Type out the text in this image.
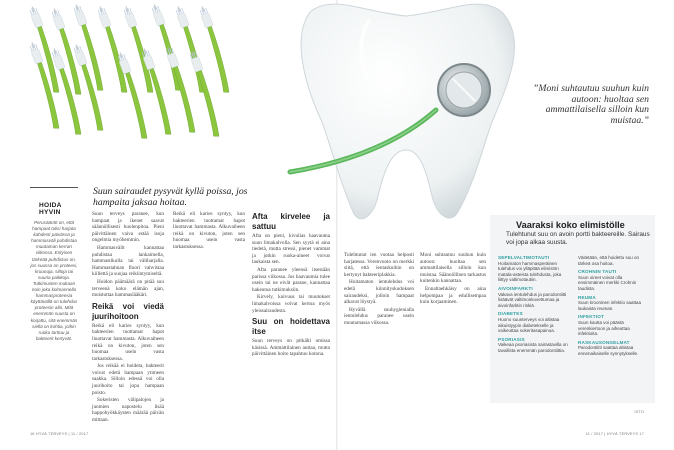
HOIDA HYVIN
Perusääntö on, että hampaat tulisi harjata kahdesti päivässä ja hammasväli puhdistaa muutaman kerran viikossa. Erityisen tärkeää puhdistus on, jos suussa on proteesi, kruunuja, siltoja tai suuria paikkoja. Tutkimusten mukaan noin joka kolmannella hammasproteesia käyttävällä on tulehdus proteesin alla. Mitä enemmän suusta on korjattu, sitä enemmän siellä on kohtia, joihin ruoka tarttuu ja bakteerit kertyvät.
Suun sairaudet pysyvät kyllä poissa, jos hampaita jaksaa hoitaa.

Suun terveys paranee, kun hampaat ja ikenet saavat säännöllisesti huolenpitoa. Pieni päivittäinen vaiva estää isoja ongelmia myöhemmin.

Hammasvälit kannattaa puhdistaa lankaimella, hammastikulla tai väliharjalla. Hammastahnan fluori vahvistaa kiillettä ja suojaa reikiintymiseltä.

Hoidon päämäärä on pitää suu terveenä koko elämän ajan, muistuttaa hammaslääkäri.

Reikä voi viedä juurihoitoon

Reikä eli karies syntyy, kun bakteerien tuottamat hapot liuottavat hammasta. Alkuvaiheen reikä on kivuton, joten sen huomaa usein vasta tarkastuksessa.

Jos reikää ei hoideta, bakteerit voivat edetä hampaan ytimeen saakka. Silloin edessä voi olla juurihoito tai jopa hampaan poisto.

Sokeristen välipalojen ja juomien napostelu lisää happohyökkäysten määrää päivän mittaan.

Reikä eli karies syntyy, kun bakteerien tuottamat hapot liuottavat hammasta. Alkuvaiheen reikä on kivuton, joten sen huomaa usein vasta tarkastuksessa.

Afta kirvelee ja sattuu

Afta on pieni, kivulias haavauma suun limakalvolla. Sen syytä ei aina tiedetä, mutta stressi, pienet vammat ja jotkin ruoka-aineet voivat laukaista sen.

Afta paranee yleensä itsestään parissa viikossa. Jos haavaumia tulee usein tai ne eivät parane, kannattaa hakeutua tutkimuksiin.

Kirvely, kuivuus tai muutokset limakalvoissa voivat kertoa myös yleissairaudesta.

Suu on hoidettava itse

Suun terveys on pitkälti omissa käsissä. Ammattilainen auttaa, mutta päivittäinen hoito tapahtuu kotona.

Tulehtunut ien vuotaa helposti harjatessa. Verenvuoto on merkki siitä, että ientaskuihin on kertynyt bakteeriplakkia.

Hoitamaton ientulehdus voi edetä kiinnityskudoksen sairaudeksi, jolloin hampaat alkavat löystyä.

Hyvällä suuhygienialla ientulehdus paranee usein muutamassa viikossa.

Moni suhtautuu suuhun kuin autoon: huoltaa sen ammattilaisella silloin kun muistaa. Säännöllinen tarkastus kuitenkin kannattaa.

Ennaltaehkäisy on aina helpompaa ja edullisempaa kuin korjaaminen.

”Moni suhtautuu suuhun kuin autoon: huoltaa sen ammattilaisella silloin kun muistaa.”
Vaaraksi koko elimistölle
Tulehtunut suu on avoin portti bakteereille. Sairaus voi jopa alkaa suusta.
SEPELVALTIMOTAUTI

Hoitamaton hammasperäinen tulehdus voi ylläpitää elimistön matala-asteista tulehdusta, joka liittyy valtimotautiin.

AIVOINFARKTI

Vakava ientulehdus ja parodontiitti lisäävät valtimonkovettumaa ja aivoinfarktin riskiä.

DIABETES

Huono suunterveys voi altistaa aikuistyypin diabetekselle ja vaikeuttaa sokeritasapainoa.

PSORIASIS

Vaikeaa psoriasista sairastavilla on tavallista enemmän parodontiittia.

Väitetään, että hoidettu suu on tärkeä osa hoitoa.

CROHNIN TAUTI

Suun oireet voivat olla ensimmäinen merkki Crohnin taudista.

REUMA

Suun krooninen infektio saattaa laukaista reuman.

INFEKTIOT

Suun kautta voi päästä verenkiertoon ja aiheuttaa infektioita.

RASKAUSONGELMAT

Parodontiitti saattaa altistaa ennenaikaiselle synnytykselle.

16 HYVÄ TERVEYS | 11 / 2017	11 / 2017 | HYVÄ TERVEYS 17
ISTO
